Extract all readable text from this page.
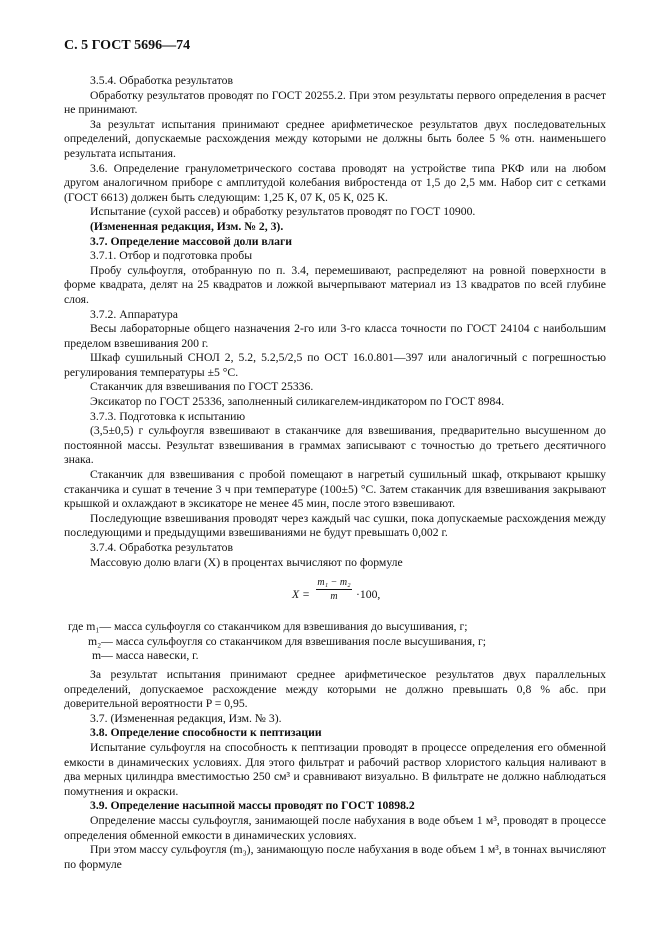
С. 5 ГОСТ 5696—74

3.5.4. Обработка результатов

Обработку результатов проводят по ГОСТ 20255.2. При этом результаты первого определения в расчет не принимают.

За результат испытания принимают среднее арифметическое результатов двух последовательных определений, допускаемые расхождения между которыми не должны быть более 5 % отн. наименьшего результата испытания.

3.6. Определение гранулометрического состава проводят на устройстве типа РКФ или на любом другом аналогичном приборе с амплитудой колебания вибростенда от 1,5 до 2,5 мм. Набор сит с сетками (ГОСТ 6613) должен быть следующим: 1,25 К, 07 К, 05 К, 025 К.

Испытание (сухой рассев) и обработку результатов проводят по ГОСТ 10900.

(Измененная редакция, Изм. № 2, 3).

3.7. Определение массовой доли влаги

3.7.1. Отбор и подготовка пробы

Пробу сульфоугля, отобранную по п. 3.4, перемешивают, распределяют на ровной поверхности в форме квадрата, делят на 25 квадратов и ложкой вычерпывают материал из 13 квадратов по всей глубине слоя.

3.7.2. Аппаратура

Весы лабораторные общего назначения 2-го или 3-го класса точности по ГОСТ 24104 с наибольшим пределом взвешивания 200 г.

Шкаф сушильный СНОЛ 2, 5.2, 5.2,5/2,5 по ОСТ 16.0.801—397 или аналогичный с погрешностью регулирования температуры ±5 °С.

Стаканчик для взвешивания по ГОСТ 25336.

Эксикатор по ГОСТ 25336, заполненный силикагелем-индикатором по ГОСТ 8984.

3.7.3. Подготовка к испытанию

(3,5±0,5) г сульфоугля взвешивают в стаканчике для взвешивания, предварительно высушенном до постоянной массы. Результат взвешивания в граммах записывают с точностью до третьего десятичного знака.

Стаканчик для взвешивания с пробой помещают в нагретый сушильный шкаф, открывают крышку стаканчика и сушат в течение 3 ч при температуре (100±5) °С. Затем стаканчик для взвешивания закрывают крышкой и охлаждают в эксикаторе не менее 45 мин, после этого взвешивают.

Последующие взвешивания проводят через каждый час сушки, пока допускаемые расхождения между последующими и предыдущими взвешиваниями не будут превышать 0,002 г.

3.7.4. Обработка результатов

Массовую долю влаги (X) в процентах вычисляют по формуле

$X = \frac{\text{m₁ − m₂}}{m} \cdot 100$,

где m₁— масса сульфоугля со стаканчиком для взвешивания до высушивания, г;

m₂— масса сульфоугля со стаканчиком для взвешивания после высушивания, г;

m— масса навески, г.

За результат испытания принимают среднее арифметическое результатов двух параллельных определений, допускаемое расхождение между которыми не должно превышать 0,8 % абс. при доверительной вероятности P = 0,95.

3.7. (Измененная редакция, Изм. № 3).

3.8. Определение способности к пептизации

Испытание сульфоугля на способность к пептизации проводят в процессе определения его обменной емкости в динамических условиях. Для этого фильтрат и рабочий раствор хлористого кальция наливают в два мерных цилиндра вместимостью 250 см³ и сравнивают визуально. В фильтрате не должно наблюдаться помутнения и окраски.

3.9. Определение насыпной массы проводят по ГОСТ 10898.2

Определение массы сульфоугля, занимающей после набухания в воде объем 1 м³, проводят в процессе определения обменной емкости в динамических условиях.

При этом массу сульфоугля (m₃), занимающую после набухания в воде объем 1 м³, в тоннах вычисляют по формуле
